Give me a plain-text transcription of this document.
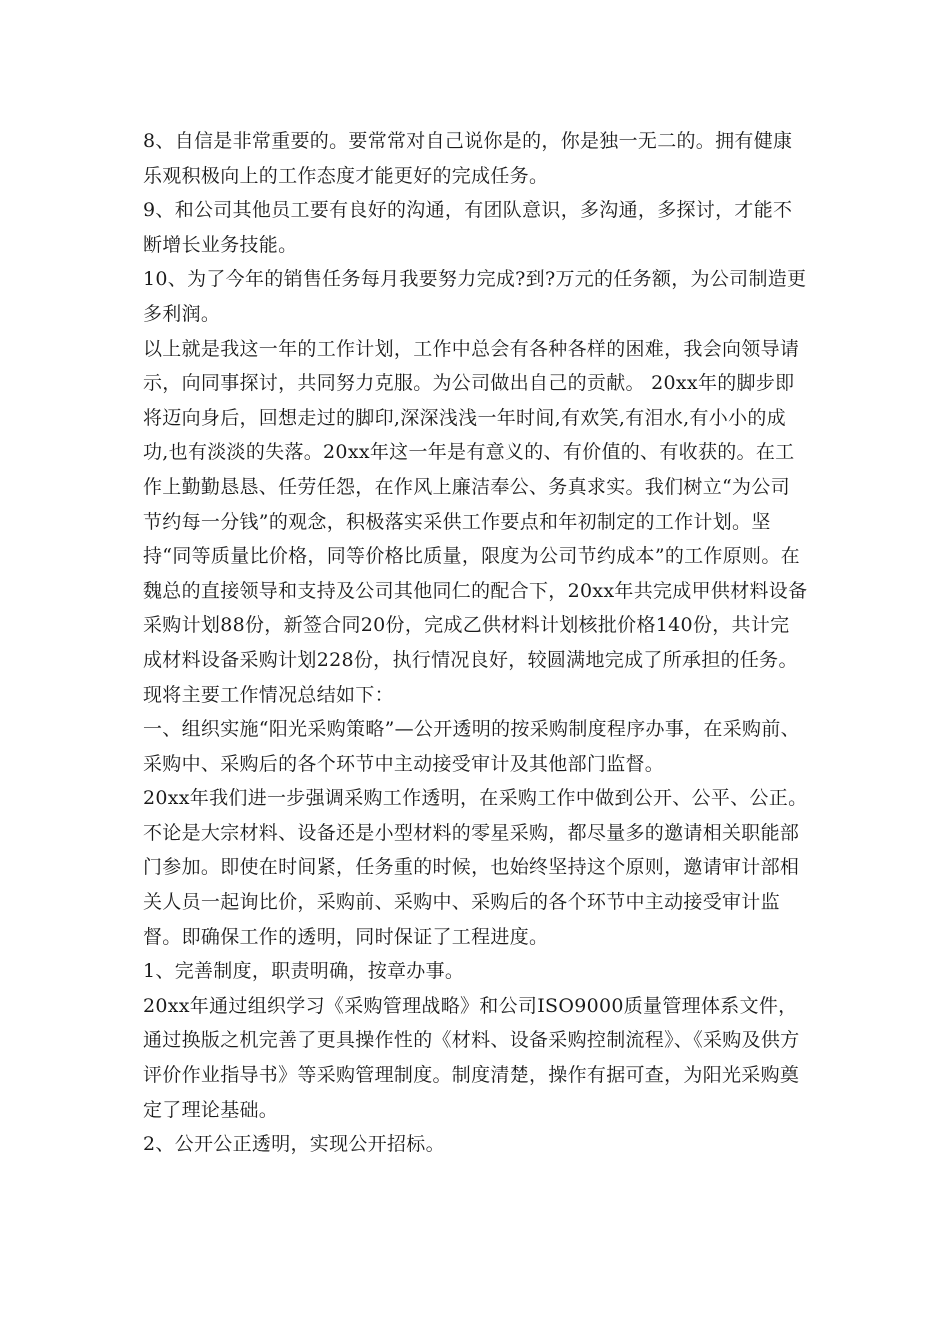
8、自信是非常重要的。要常常对自己说你是的，你是独一无二的。拥有健康乐观积极向上的工作态度才能更好的完成任务。

9、和公司其他员工要有良好的沟通，有团队意识，多沟通，多探讨，才能不断增长业务技能。

10、为了今年的销售任务每月我要努力完成?到?万元的任务额，为公司制造更多利润。

以上就是我这一年的工作计划，工作中总会有各种各样的困难，我会向领导请示，向同事探讨，共同努力克服。为公司做出自己的贡献。 20xx年的脚步即将迈向身后，回想走过的脚印,深深浅浅一年时间,有欢笑,有泪水,有小小的成功,也有淡淡的失落。20xx年这一年是有意义的、有价值的、有收获的。在工作上勤勤恳恳、任劳任怨，在作风上廉洁奉公、务真求实。我们树立“为公司节约每一分钱”的观念，积极落实采供工作要点和年初制定的工作计划。坚持“同等质量比价格，同等价格比质量，限度为公司节约成本”的工作原则。在魏总的直接领导和支持及公司其他同仁的配合下，20xx年共完成甲供材料设备采购计划88份，新签合同20份，完成乙供材料计划核批价格140份，共计完成材料设备采购计划228份，执行情况良好，较圆满地完成了所承担的任务。

现将主要工作情况总结如下：

一、组织实施“阳光采购策略”—公开透明的按采购制度程序办事，在采购前、采购中、采购后的各个环节中主动接受审计及其他部门监督。

20xx年我们进一步强调采购工作透明，在采购工作中做到公开、公平、公正。不论是大宗材料、设备还是小型材料的零星采购，都尽量多的邀请相关职能部门参加。即使在时间紧，任务重的时候，也始终坚持这个原则，邀请审计部相关人员一起询比价，采购前、采购中、采购后的各个环节中主动接受审计监督。即确保工作的透明，同时保证了工程进度。

1、完善制度，职责明确，按章办事。

20xx年通过组织学习《采购管理战略》和公司ISO9000质量管理体系文件，通过换版之机完善了更具操作性的《材料、设备采购控制流程》、《采购及供方评价作业指导书》等采购管理制度。制度清楚，操作有据可查，为阳光采购奠定了理论基础。

2、公开公正透明，实现公开招标。
